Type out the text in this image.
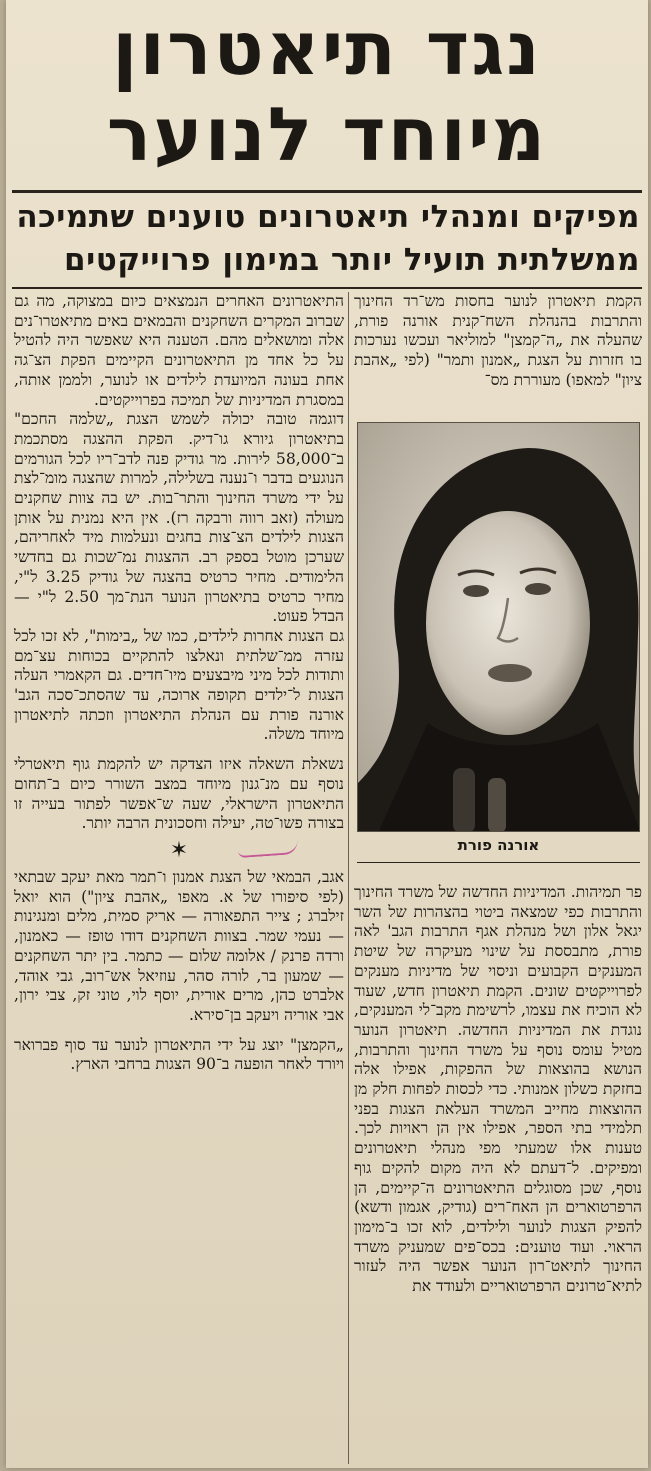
נגד תיאטרון
מיוחד לנוער
מפיקים ומנהלי תיאטרונים טוענים שתמיכה ממשלתית תועיל יותר במימון פרוייקטים
הקמת תיאטרון לנוער בחסות מש־רד החינוך והתרבות בהנהלת השח־קנית אורנה פורת, שהעלה את „ה־קמצן" למוליאר ועכשו נערכות בו חזרות על הצגת „אמנון ותמר" (לפי „אהבת ציון" למאפו) מעוררת מס־
אורנה פורת
פר תמיהות. המדיניות החדשה של משרד החינוך והתרבות כפי שמצאה ביטוי בהצהרות של השר יגאל אלון ושל מנהלת אגף התרבות הגב' לאה פורת, מתבססת על שינוי מעיקרה של שיטת המענקים הקבועים וניסוי של מדיניות מענקים לפרוייקטים שונים. הקמת תיאטרון חדש, שעוד לא הוכיח את עצמו, לרשימת מקב־לי המענקים, נוגדת את המדיניות החדשה. תיאטרון הנוער מטיל עומס נוסף על משרד החינוך והתרבות, הנושא בהוצאות של ההפקות, אפילו אלה בחזקת כשלון אמנותי. כדי לכסות לפחות חלק מן ההוצאות מחייב המשרד העלאת הצגות בפני תלמידי בתי הספר, אפילו אין הן ראויות לכך. טענות אלו שמעתי מפי מנהלי תיאטרונים ומפיקים. ל־דעתם לא היה מקום להקים גוף נוסף, שכן מסוגלים התיאטרונים ה־קיימים, הן הרפרטוארים הן האח־רים (גודיק, אגמון ודשא) להפיק הצגות לנוער ולילדים, לוא זכו ב־מימון הראוי. ועוד טוענים: בכס־פים שמעניק משרד החינוך לתיאט־רון הנוער אפשר היה לעזור לתיא־טרונים הרפרטואריים ולעודד את

התיאטרונים האחרים הנמצאים כיום במצוקה, מה גם שברוב המקרים השחקנים והבמאים באים מתיאטרו־נים אלה ומושאלים מהם. הטענה היא שאפשר היה להטיל על כל אחד מן התיאטרונים הקיימים הפקת הצ־גה אחת בעונה המיועדת לילדים או לנוער, ולממן אותה, במסגרת המדיניות של תמיכה בפרוייקטים.

דוגמה טובה יכולה לשמש הצגת „שלמה החכם" בתיאטרון גיורא גו־דיק. הפקת ההצגה מסתכמת ב־58,000 לירות. מר גודיק פנה לדב־ריו לכל הגורמים הנוגעים בדבר ו־נענה בשלילה, למרות שהצגה מומ־לצת על ידי משרד החינוך והתר־בות. יש בה צוות שחקנים מעולה (זאב רווה ורבקה רז). אין היא נמנית על אותן הצגות לילדים הצ־צות בחגים ונעלמות מיד לאחריהם, שערכן מוטל בספק רב. ההצגות נמ־שכות גם בחדשי הלימודים. מחיר כרטיס בהצגה של גודיק 3.25 ל"י, מחיר כרטיס בתיאטרון הנוער הנת־מך 2.50 ל"י — הבדל פעוט.

גם הצגות אחרות לילדים, כמו של „בימות", לא זכו לכל עזרה ממ־שלתית ונאלצו להתקיים בכוחות עצ־מם ותודות לכל מיני מיבצעים מיו־חדים. גם הקאמרי העלה הצגות ל־ילדים תקופה ארוכה, עד שהסתכ־סכה הגב' אורנה פורת עם הנהלת התיאטרון וזכתה לתיאטרון מיוחד משלה.

נשאלת השאלה איזו הצדקה יש להקמת גוף תיאטרלי נוסף עם מנ־גנון מיוחד במצב השורר כיום ב־תחום התיאטרון הישראלי, שעה ש־אפשר לפתור בעייה זו בצורה פשו־טה, יעילה וחסכונית הרבה יותר.

✶

אגב, הבמאי של הצגת אמנון ו־תמר מאת יעקב שבתאי (לפי סיפורו של א. מאפו „אהבת ציון") הוא יואל זילברג ; צייר התפאורה — אריק סמית, מלים ומנגינות — נעמי שמר. בצוות השחקנים דודו טופז — כאמנון, ורדה פרנק / אלומה שלום — כתמר. בין יתר השחקנים — שמעון בר, לורה סהר, עוזיאל אש־רוב, גבי אוהד, אלברט כהן, מרים אורית, יוסף לוי, טוני זק, צבי ירון, אבי אוריה ויעקב בן־סירא.

„הקמצן" יוצג על ידי התיאטרון לנוער עד סוף פברואר ויורד לאחר הופעה ב־90 הצגות ברחבי הארץ.
